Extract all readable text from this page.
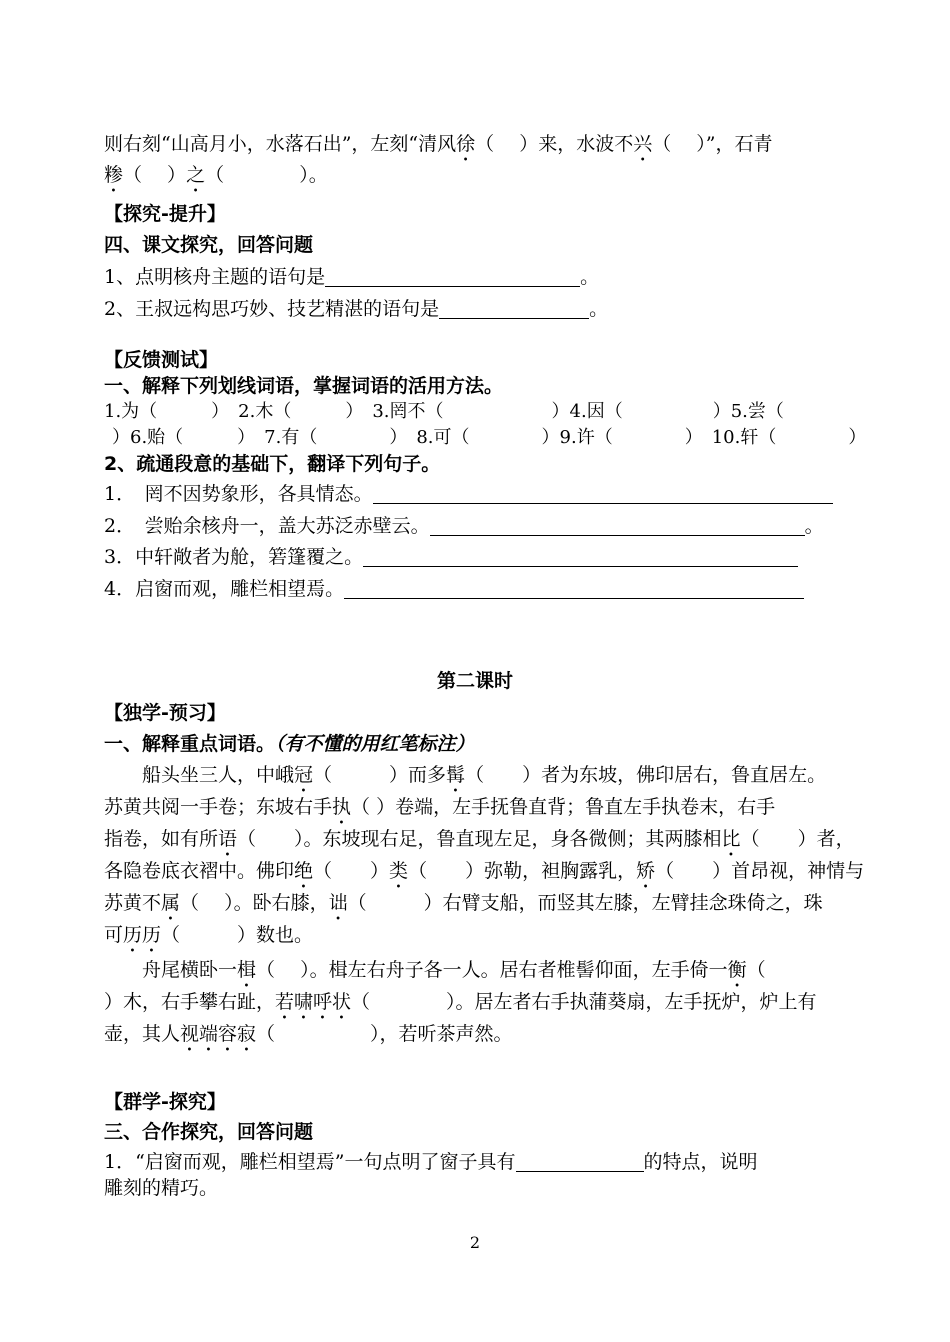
则右刻“山高月小，水落石出”，左刻“清风徐（　 ）来，水波不兴（　 ）”，石青
糁（　 ）之（　 　 　 ）。
【探究-提升】
四、课文探究，回答问题
1、点明核舟主题的语句是	。
2、王叔远构思巧妙、技艺精湛的语句是	。
【反馈测试】
一、解释下列划线词语，掌握词语的活用方法。
1.为（　　　）　2.木（　　　）　3.罔不（　　　　　　）4.因（　　　　　）5.尝（
）6.贻（　　　）　7.有（　　　　）　8.可（　　　　）9.许（　　　　）　10.轩（　　　　）
2、疏通段意的基础下，翻译下列句子。
1．　罔不因势象形，各具情态。
2．　尝贻余核舟一，盖大苏泛赤壁云。	。
3．中轩敞者为舱，箬篷覆之。
4．启窗而观，雕栏相望焉。
第二课时
【独学-预习】
一、解释重点词语。（有不懂的用红笔标注）
　　船头坐三人，中峨冠（　　　）而多髯（　　）者为东坡，佛印居右，鲁直居左。
苏黄共阅一手卷；东坡右手执（ ）卷端，左手抚鲁直背；鲁直左手执卷末，右手
指卷，如有所语（　　）。东坡现右足，鲁直现左足，身各微侧；其两膝相比（　　）者，
各隐卷底衣褶中。佛印绝（　　）类（　　）弥勒，袒胸露乳，矫（　　）首昂视，神情与
苏黄不属（　 ）。卧右膝，诎（　　　）右臂支船，而竖其左膝，左臂挂念珠倚之，珠
可历历（　　　）数也。
　　舟尾横卧一楫（　 ）。楫左右舟子各一人。居右者椎髻仰面，左手倚一衡（
）木，右手攀右趾，若啸呼状（　　　　）。居左者右手执蒲葵扇，左手抚炉，炉上有
壶，其人视端容寂（　　　　　），若听茶声然。
【群学-探究】
三、合作探究，回答问题
1．“启窗而观，雕栏相望焉”一句点明了窗子具有	的特点，说明
雕刻的精巧。
2
